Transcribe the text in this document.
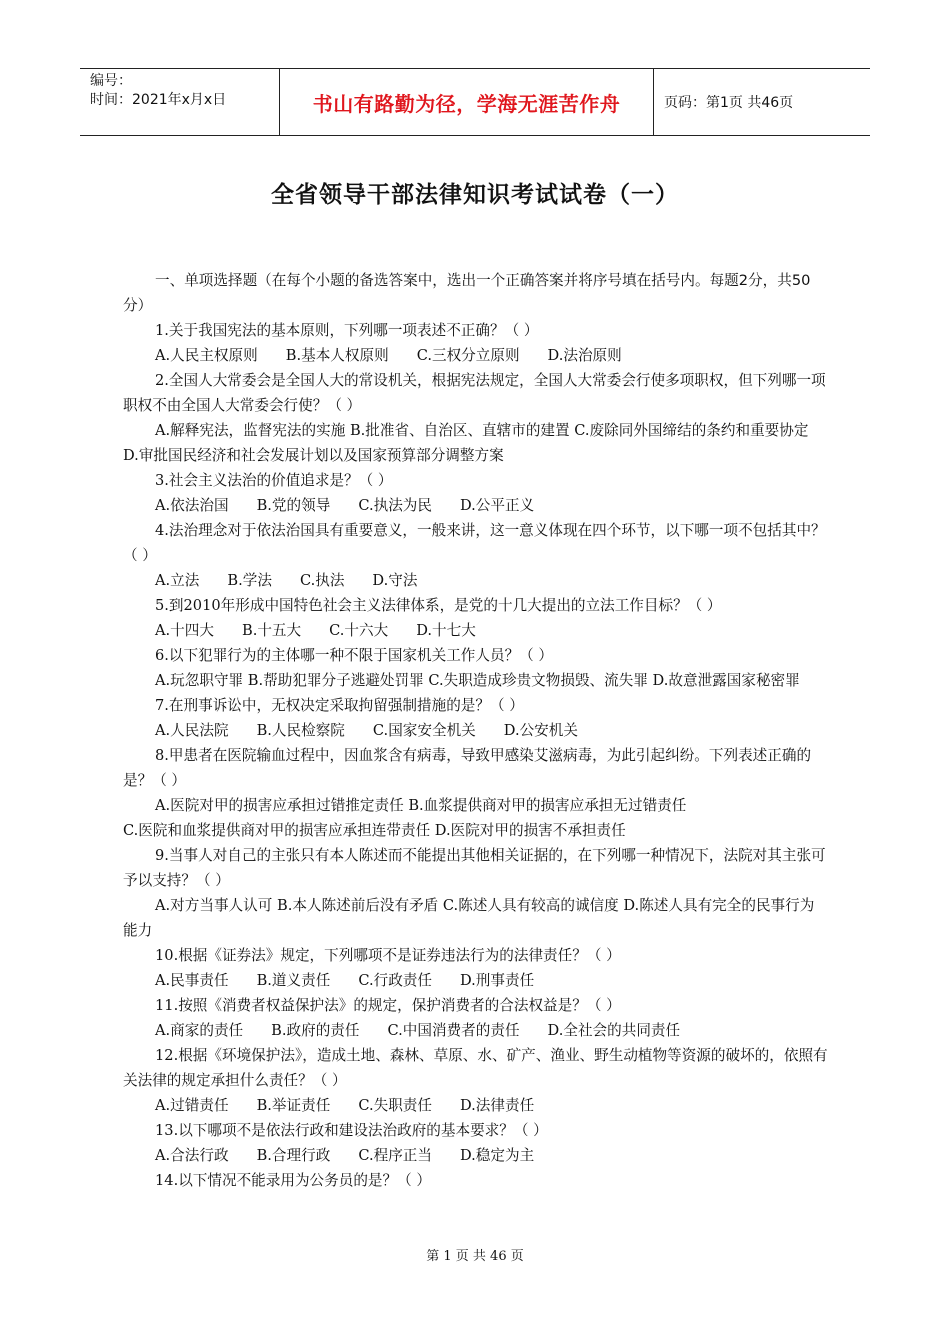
编号：
时间：2021年x月x日	书山有路勤为径，学海无涯苦作舟	页码：第1页 共46页
全省领导干部法律知识考试试卷（一）

一、单项选择题（在每个小题的备选答案中，选出一个正确答案并将序号填在括号内。每题2分，共50分）

1.关于我国宪法的基本原则，下列哪一项表述不正确？（ ）

A.人民主权原则 B.基本人权原则 C.三权分立原则 D.法治原则

2.全国人大常委会是全国人大的常设机关，根据宪法规定，全国人大常委会行使多项职权，但下列哪一项职权不由全国人大常委会行使？（ ）

A.解释宪法，监督宪法的实施 B.批准省、自治区、直辖市的建置 C.废除同外国缔结的条约和重要协定 D.审批国民经济和社会发展计划以及国家预算部分调整方案

3.社会主义法治的价值追求是？（ ）

A.依法治国 B.党的领导 C.执法为民 D.公平正义

4.法治理念对于依法治国具有重要意义，一般来讲，这一意义体现在四个环节，以下哪一项不包括其中？（ ）

A.立法 B.学法 C.执法 D.守法

5.到2010年形成中国特色社会主义法律体系，是党的十几大提出的立法工作目标？（ ）

A.十四大 B.十五大 C.十六大 D.十七大

6.以下犯罪行为的主体哪一种不限于国家机关工作人员？（ ）

A.玩忽职守罪 B.帮助犯罪分子逃避处罚罪 C.失职造成珍贵文物损毁、流失罪 D.故意泄露国家秘密罪

7.在刑事诉讼中，无权决定采取拘留强制措施的是？（ ）

A.人民法院 B.人民检察院 C.国家安全机关 D.公安机关

8.甲患者在医院输血过程中，因血浆含有病毒，导致甲感染艾滋病毒，为此引起纠纷。下列表述正确的是？（ ）

A.医院对甲的损害应承担过错推定责任 B.血浆提供商对甲的损害应承担无过错责任

C.医院和血浆提供商对甲的损害应承担连带责任 D.医院对甲的损害不承担责任

9.当事人对自己的主张只有本人陈述而不能提出其他相关证据的，在下列哪一种情况下，法院对其主张可予以支持？（ ）

A.对方当事人认可 B.本人陈述前后没有矛盾 C.陈述人具有较高的诚信度 D.陈述人具有完全的民事行为能力

10.根据《证券法》规定，下列哪项不是证券违法行为的法律责任？（ ）

A.民事责任 B.道义责任 C.行政责任 D.刑事责任

11.按照《消费者权益保护法》的规定，保护消费者的合法权益是？（ ）

A.商家的责任 B.政府的责任 C.中国消费者的责任 D.全社会的共同责任

12.根据《环境保护法》，造成土地、森林、草原、水、矿产、渔业、野生动植物等资源的破坏的，依照有关法律的规定承担什么责任？（ ）

A.过错责任 B.举证责任 C.失职责任 D.法律责任

13.以下哪项不是依法行政和建设法治政府的基本要求？（ ）

A.合法行政 B.合理行政 C.程序正当 D.稳定为主

14.以下情况不能录用为公务员的是？（ ）

第 1 页 共 46 页
